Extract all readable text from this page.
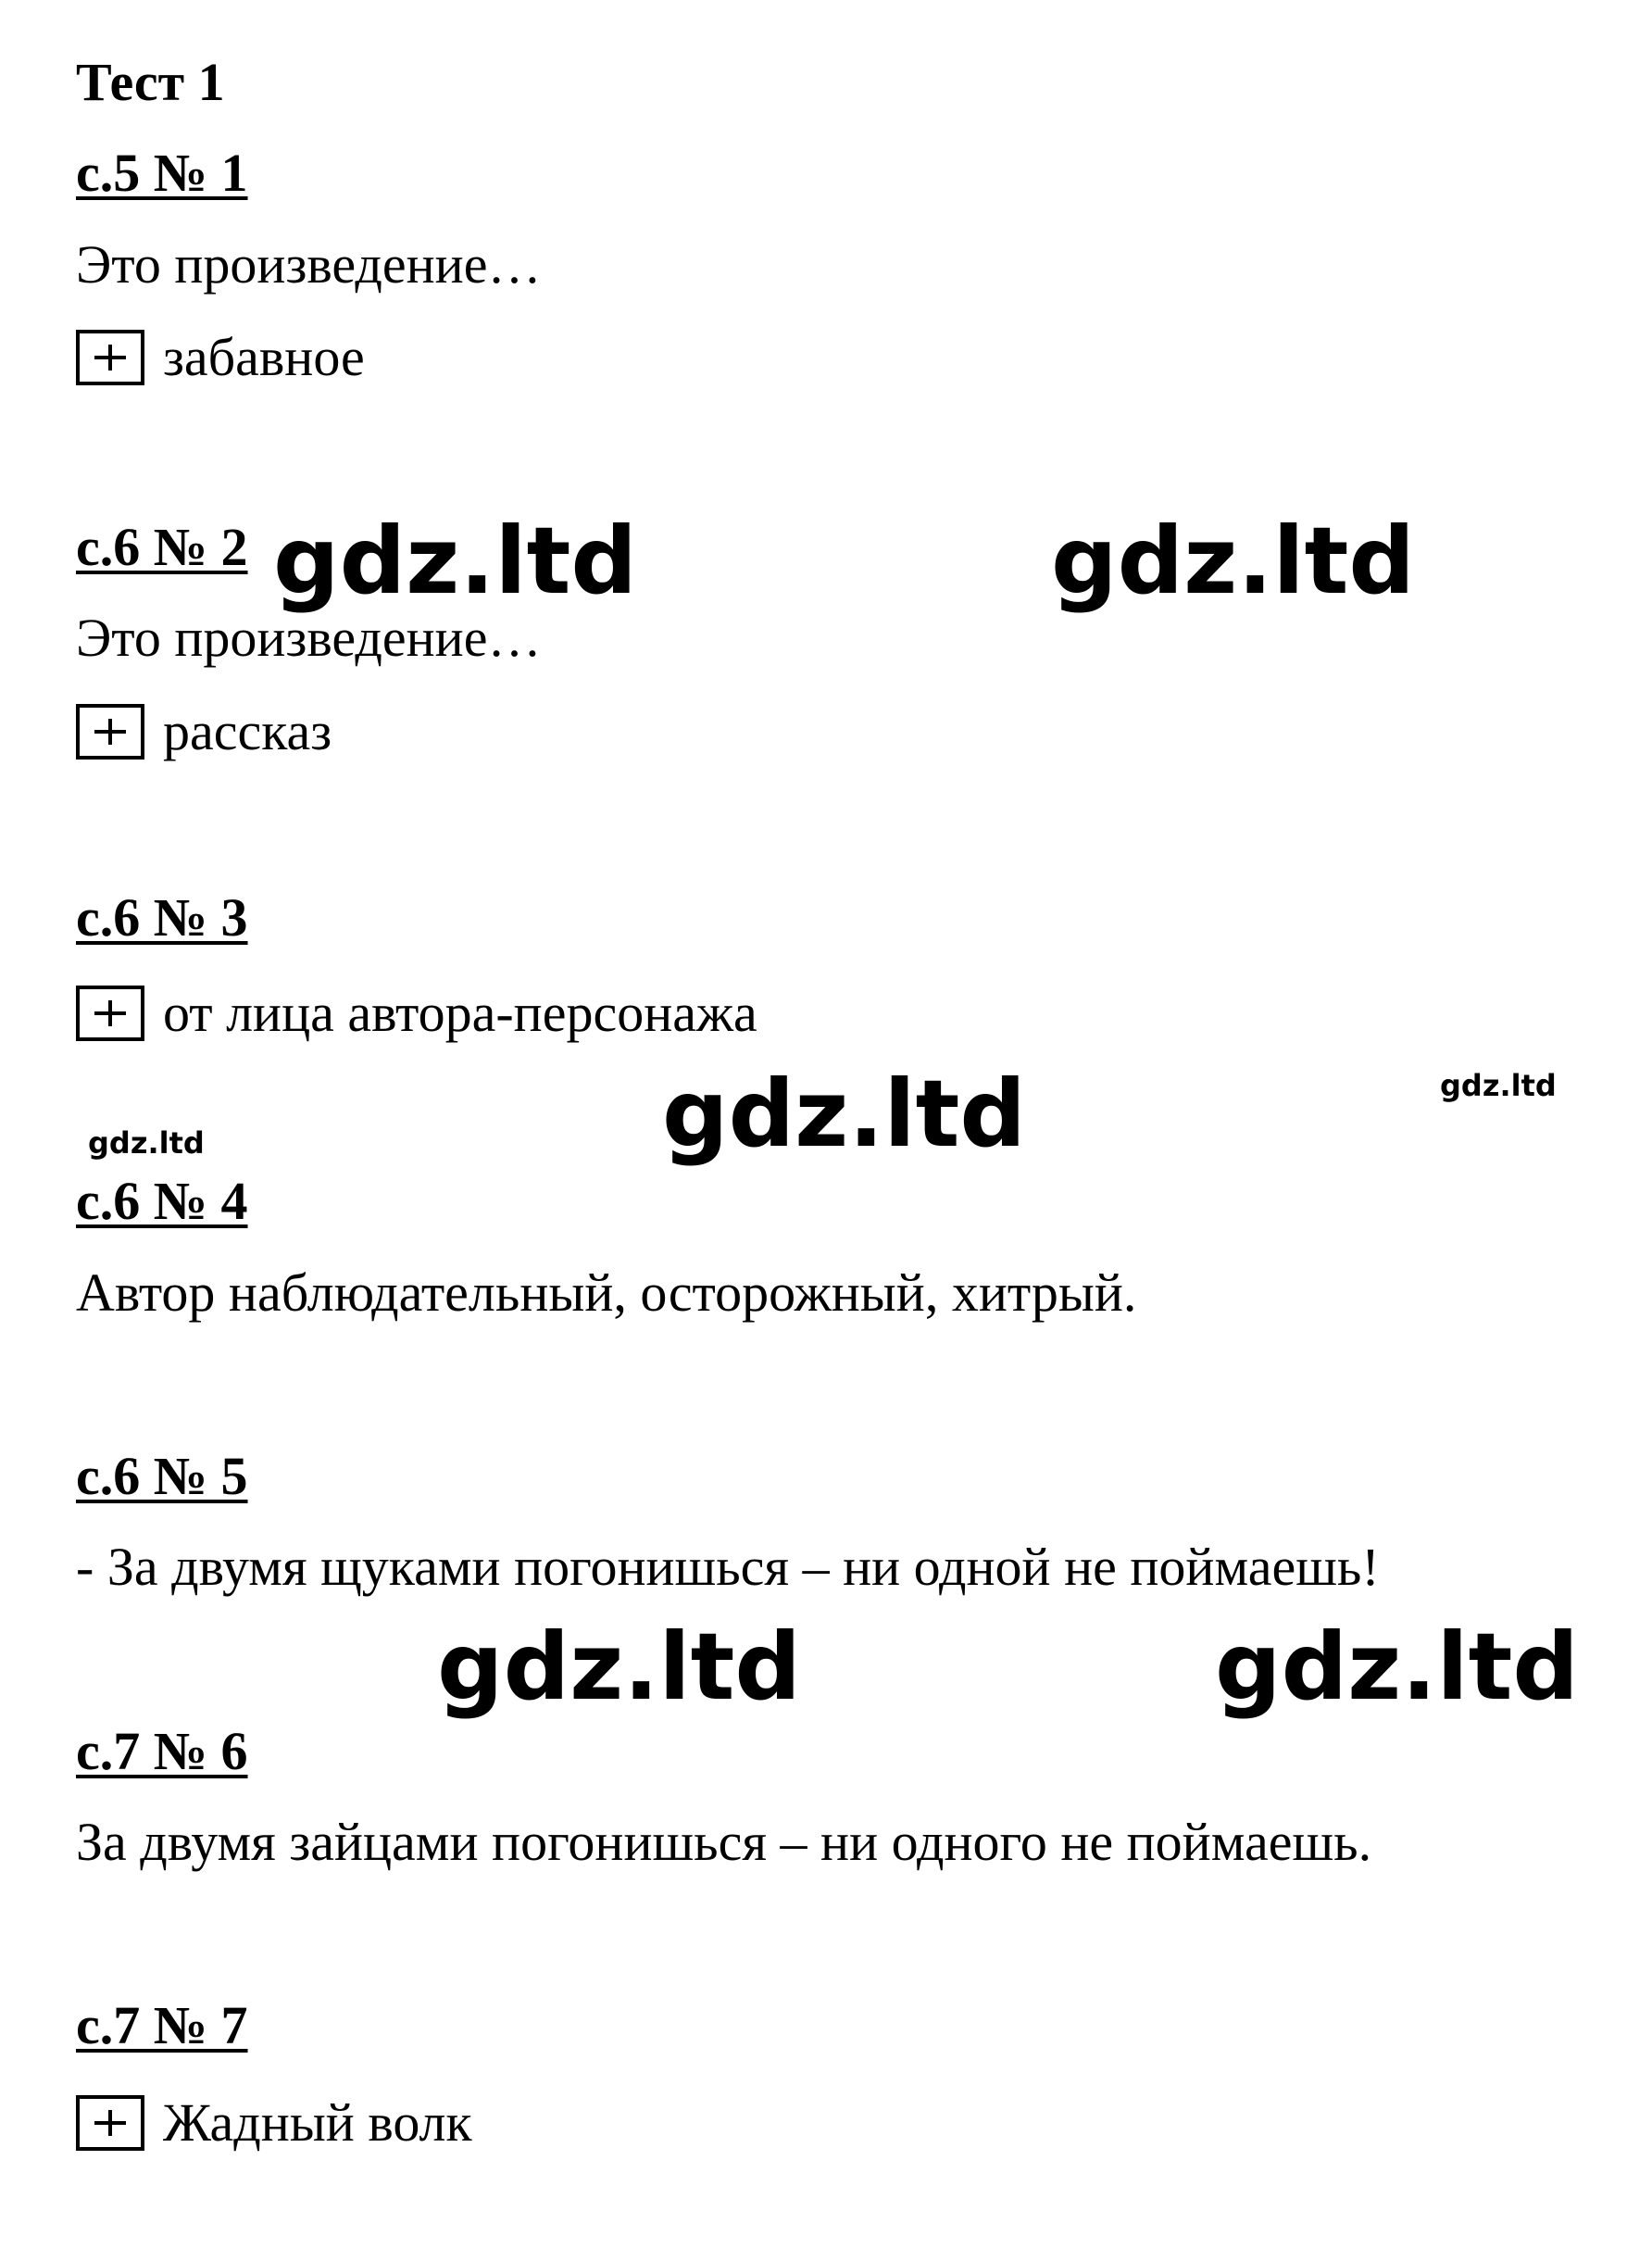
Тест 1
с.5 № 1
Это произведение…
забавное
с.6 № 2
Это произведение…
рассказ
с.6 № 3
от лица автора-персонажа
с.6 № 4
Автор наблюдательный, осторожный, хитрый.
с.6 № 5
- За двумя щуками погонишься – ни одной не поймаешь!
с.7 № 6
За двумя зайцами погонишься – ни одного не поймаешь.
с.7 № 7
Жадный волк
gdz.ltd	gdz.ltd
gdz.ltd	gdz.ltd
gdz.ltd
gdz.ltd	gdz.ltd
